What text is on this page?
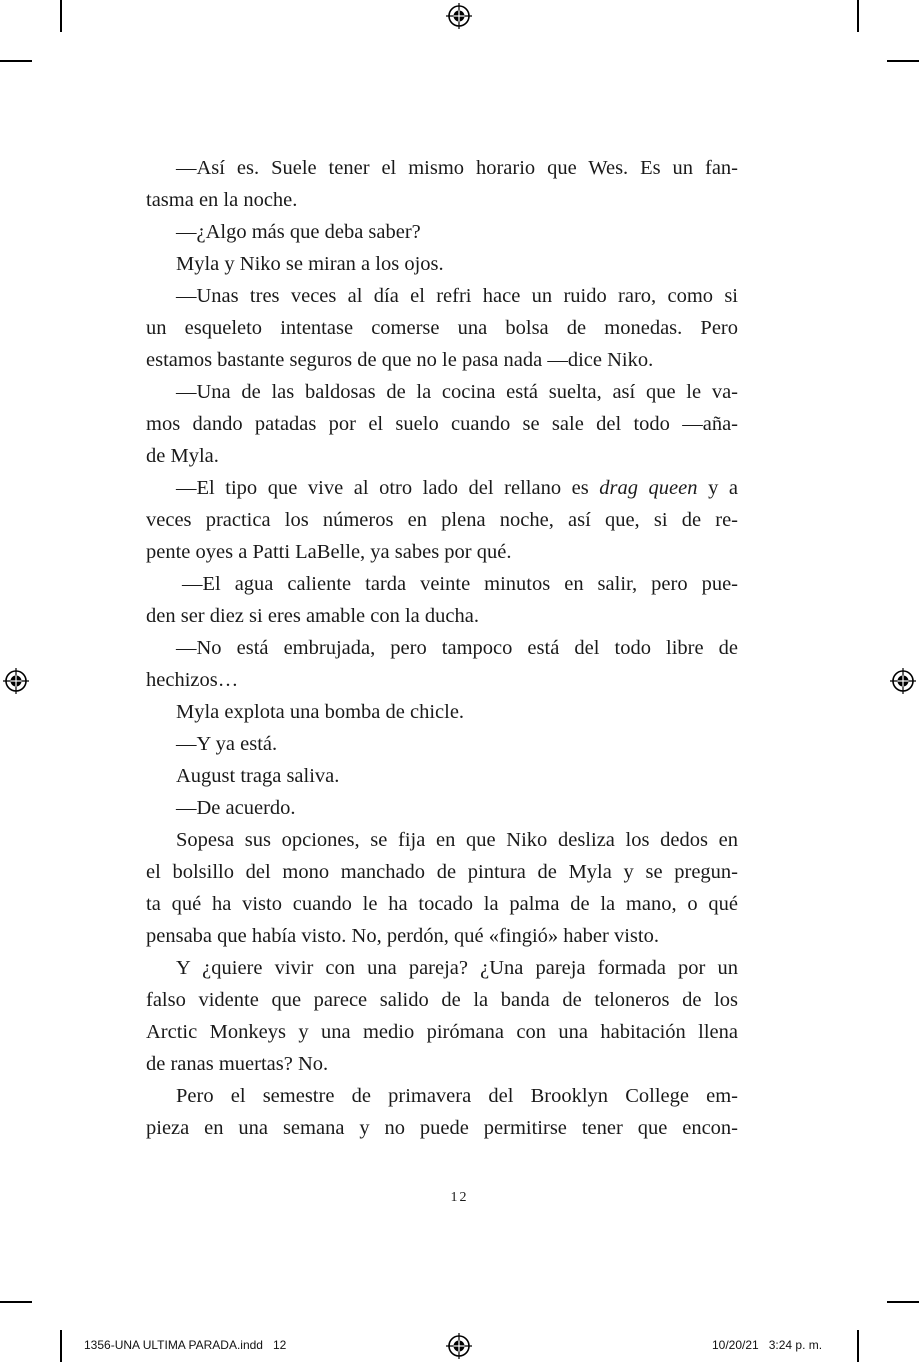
—Así es. Suele tener el mismo horario que Wes. Es un fan-
tasma en la noche.
—¿Algo más que deba saber?
Myla y Niko se miran a los ojos.
—Unas tres veces al día el refri hace un ruido raro, como si
un esqueleto intentase comerse una bolsa de monedas. Pero
estamos bastante seguros de que no le pasa nada —dice Niko.
—Una de las baldosas de la cocina está suelta, así que le va-
mos dando patadas por el suelo cuando se sale del todo —aña-
de Myla.
—El tipo que vive al otro lado del rellano es drag queen y a
veces practica los números en plena noche, así que, si de re-
pente oyes a Patti LaBelle, ya sabes por qué.
—El agua caliente tarda veinte minutos en salir, pero pue-
den ser diez si eres amable con la ducha.
—No está embrujada, pero tampoco está del todo libre de
hechizos…
Myla explota una bomba de chicle.
—Y ya está.
August traga saliva.
—De acuerdo.
Sopesa sus opciones, se fija en que Niko desliza los dedos en
el bolsillo del mono manchado de pintura de Myla y se pregun-
ta qué ha visto cuando le ha tocado la palma de la mano, o qué
pensaba que había visto. No, perdón, qué «fingió» haber visto.
Y ¿quiere vivir con una pareja? ¿Una pareja formada por un
falso vidente que parece salido de la banda de teloneros de los
Arctic Monkeys y una medio pirómana con una habitación llena
de ranas muertas? No.
Pero el semestre de primavera del Brooklyn College em-
pieza en una semana y no puede permitirse tener que encon-
12
1356-UNA ULTIMA PARADA.indd   12	10/20/21   3:24 p. m.
